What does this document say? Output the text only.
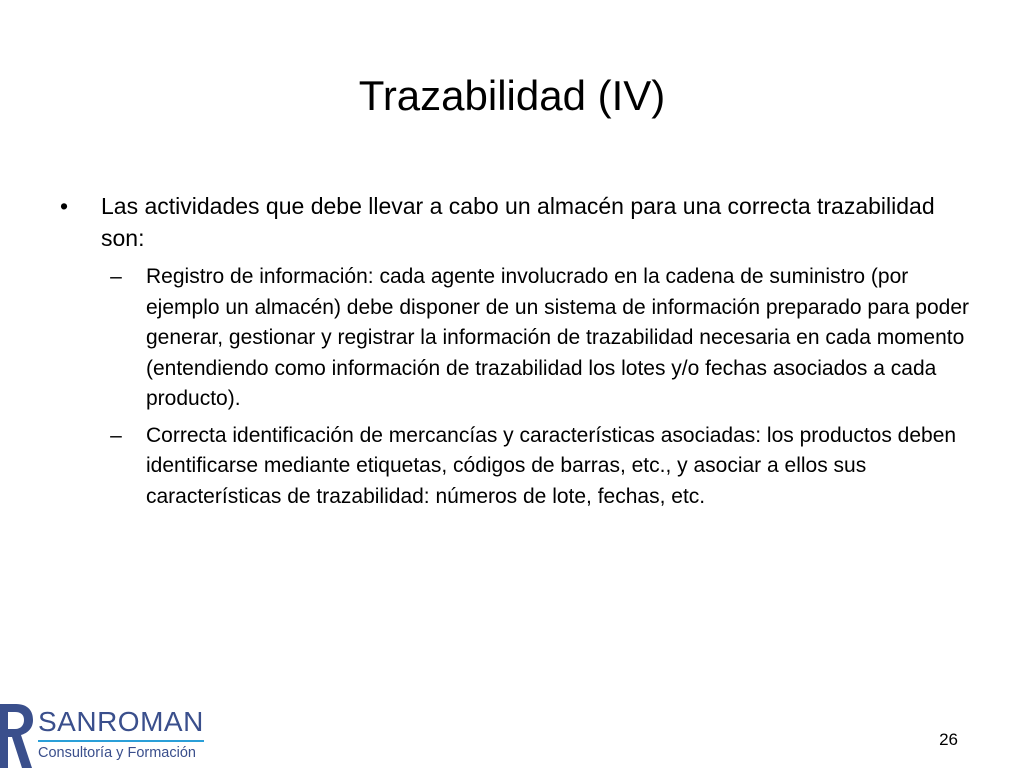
Trazabilidad (IV)
•	Las actividades que debe llevar a cabo un almacén para una correcta trazabilidad son:
–	Registro de información: cada agente involucrado en la cadena de suministro (por ejemplo un almacén) debe disponer de un sistema de información preparado para poder generar, gestionar y registrar la información de trazabilidad necesaria en cada momento (entendiendo como información de trazabilidad los lotes y/o fechas asociados a cada producto).
–	Correcta identificación de mercancías y características asociadas: los productos deben identificarse mediante etiquetas, códigos de barras, etc., y asociar a ellos sus características de trazabilidad: números de lote, fechas, etc.
SANROMAN
Consultoría y Formación
26
